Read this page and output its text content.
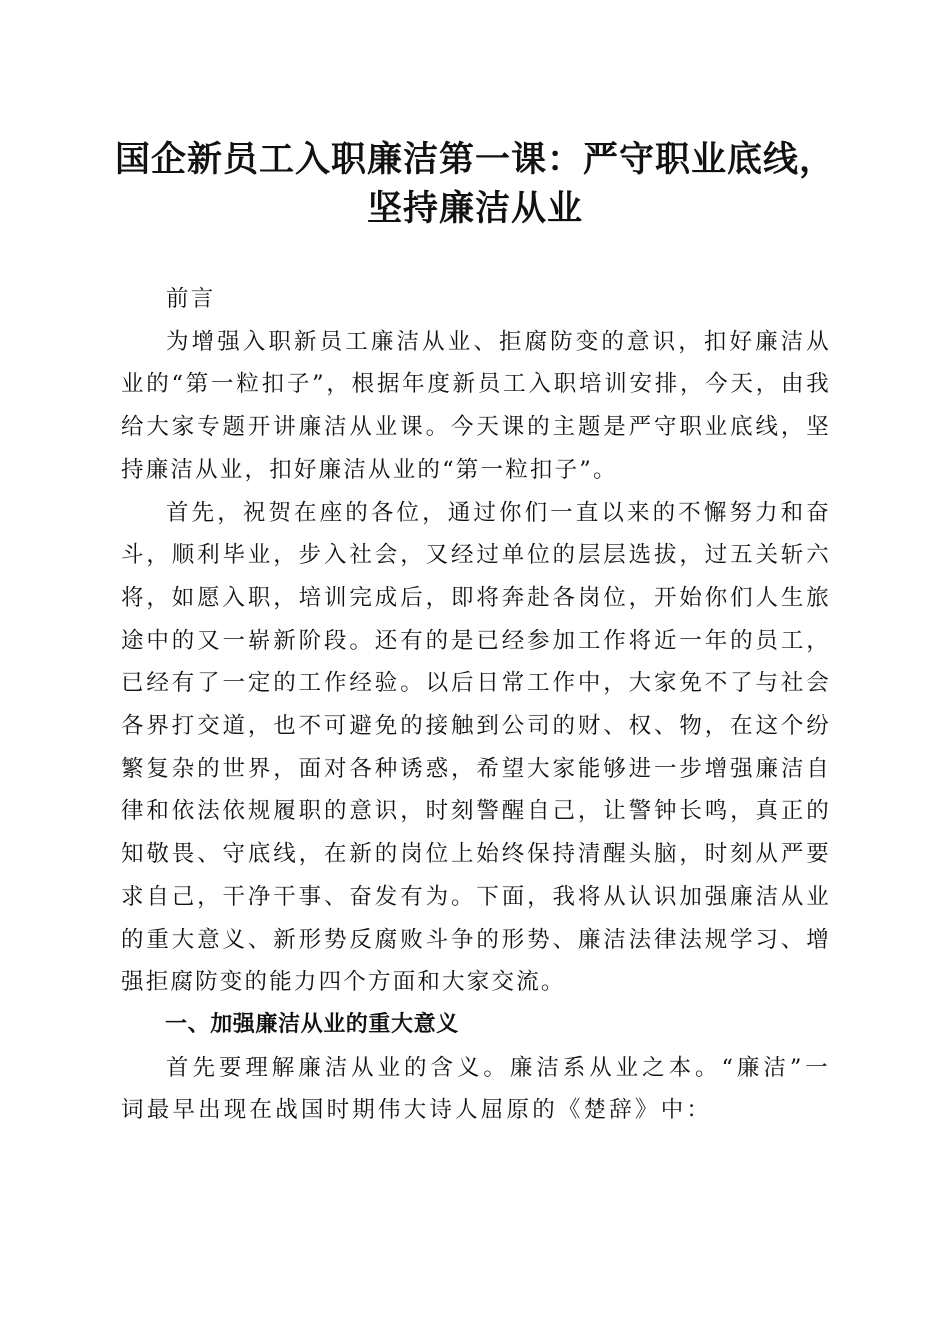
国企新员工入职廉洁第一课：严守职业底线，
坚持廉洁从业

前言

为增强入职新员工廉洁从业、拒腐防变的意识，扣好廉洁从业的“第一粒扣子”，根据年度新员工入职培训安排，今天，由我给大家专题开讲廉洁从业课。今天课的主题是严守职业底线，坚持廉洁从业，扣好廉洁从业的“第一粒扣子”。

首先，祝贺在座的各位，通过你们一直以来的不懈努力和奋斗，顺利毕业，步入社会，又经过单位的层层选拔，过五关斩六将，如愿入职，培训完成后，即将奔赴各岗位，开始你们人生旅途中的又一崭新阶段。还有的是已经参加工作将近一年的员工，已经有了一定的工作经验。以后日常工作中，大家免不了与社会各界打交道，也不可避免的接触到公司的财、权、物，在这个纷繁复杂的世界，面对各种诱惑，希望大家能够进一步增强廉洁自律和依法依规履职的意识，时刻警醒自己，让警钟长鸣，真正的知敬畏、守底线，在新的岗位上始终保持清醒头脑，时刻从严要求自己，干净干事、奋发有为。下面，我将从认识加强廉洁从业的重大意义、新形势反腐败斗争的形势、廉洁法律法规学习、增强拒腐防变的能力四个方面和大家交流。

一、加强廉洁从业的重大意义

首先要理解廉洁从业的含义。廉洁系从业之本。“廉洁”一词最早出现在战国时期伟大诗人屈原的《楚辞》中：
